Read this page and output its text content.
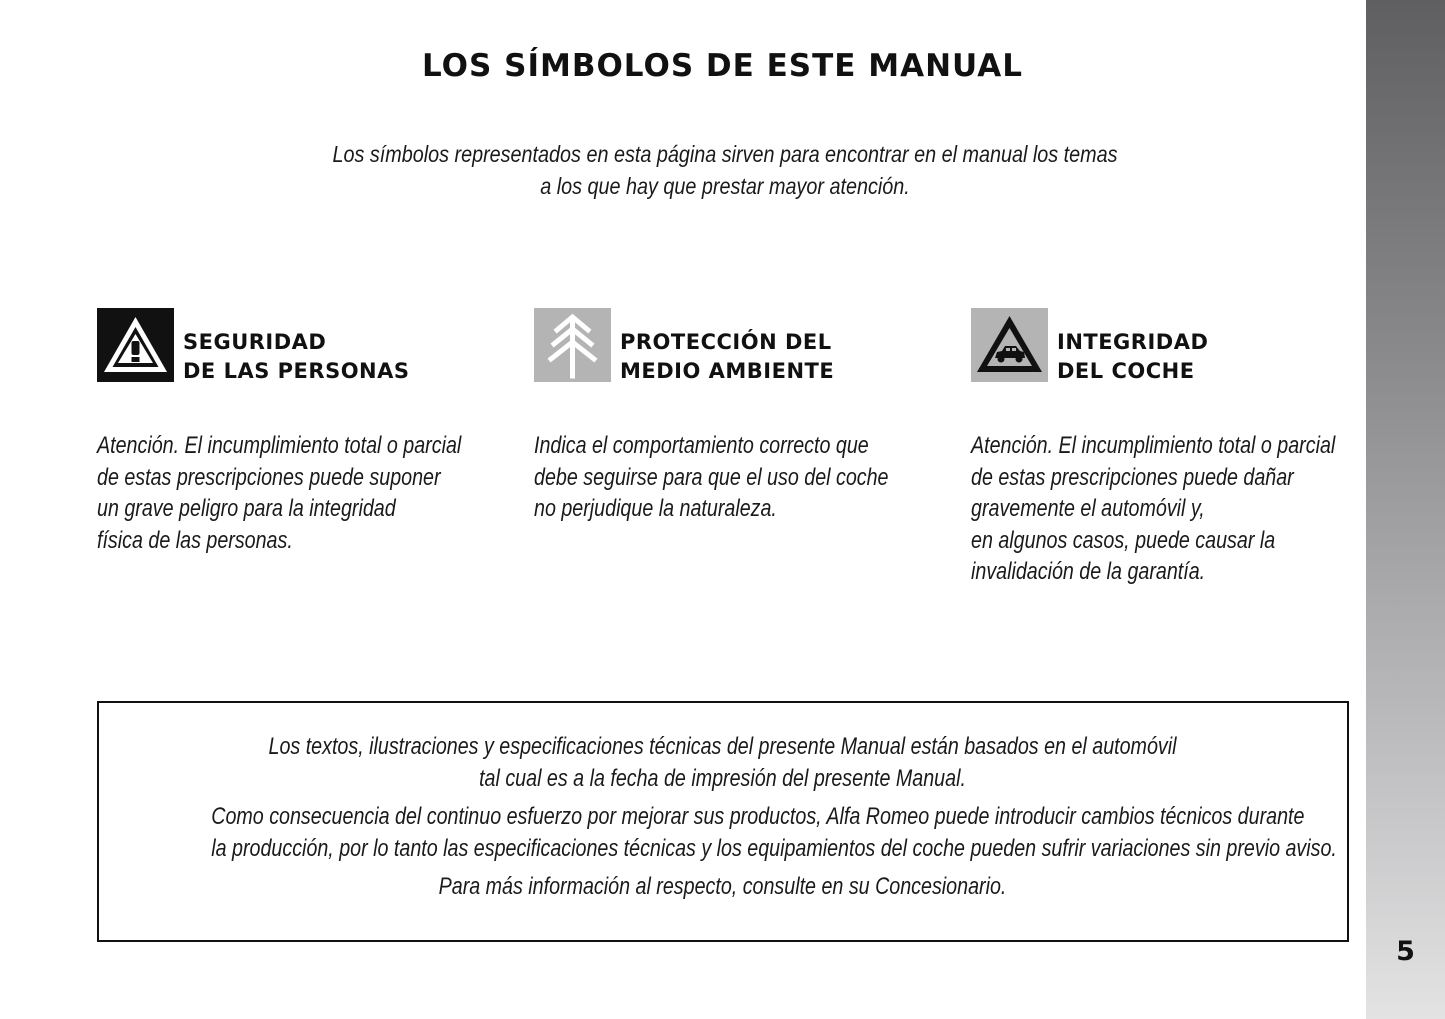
5
LOS SÍMBOLOS DE ESTE MANUAL
Los símbolos representados en esta página sirven para encontrar en el manual los temas
a los que hay que prestar mayor atención.
SEGURIDAD
DE LAS PERSONAS
Atención. El incumplimiento total o parcial
de estas prescripciones puede suponer
un grave peligro para la integridad
física de las personas.
PROTECCIÓN DEL
MEDIO AMBIENTE
Indica el comportamiento correcto que
debe seguirse para que el uso del coche
no perjudique la naturaleza.
INTEGRIDAD
DEL COCHE
Atención. El incumplimiento total o parcial
de estas prescripciones puede dañar
gravemente el automóvil y,
en algunos casos, puede causar la
invalidación de la garantía.
Los textos, ilustraciones y especificaciones técnicas del presente Manual están basados en el automóvil
tal cual es a la fecha de impresión del presente Manual.
Como consecuencia del continuo esfuerzo por mejorar sus productos, Alfa Romeo puede introducir cambios técnicos durante
la producción, por lo tanto las especificaciones técnicas y los equipamientos del coche pueden sufrir variaciones sin previo aviso.
Para más información al respecto, consulte en su Concesionario.
